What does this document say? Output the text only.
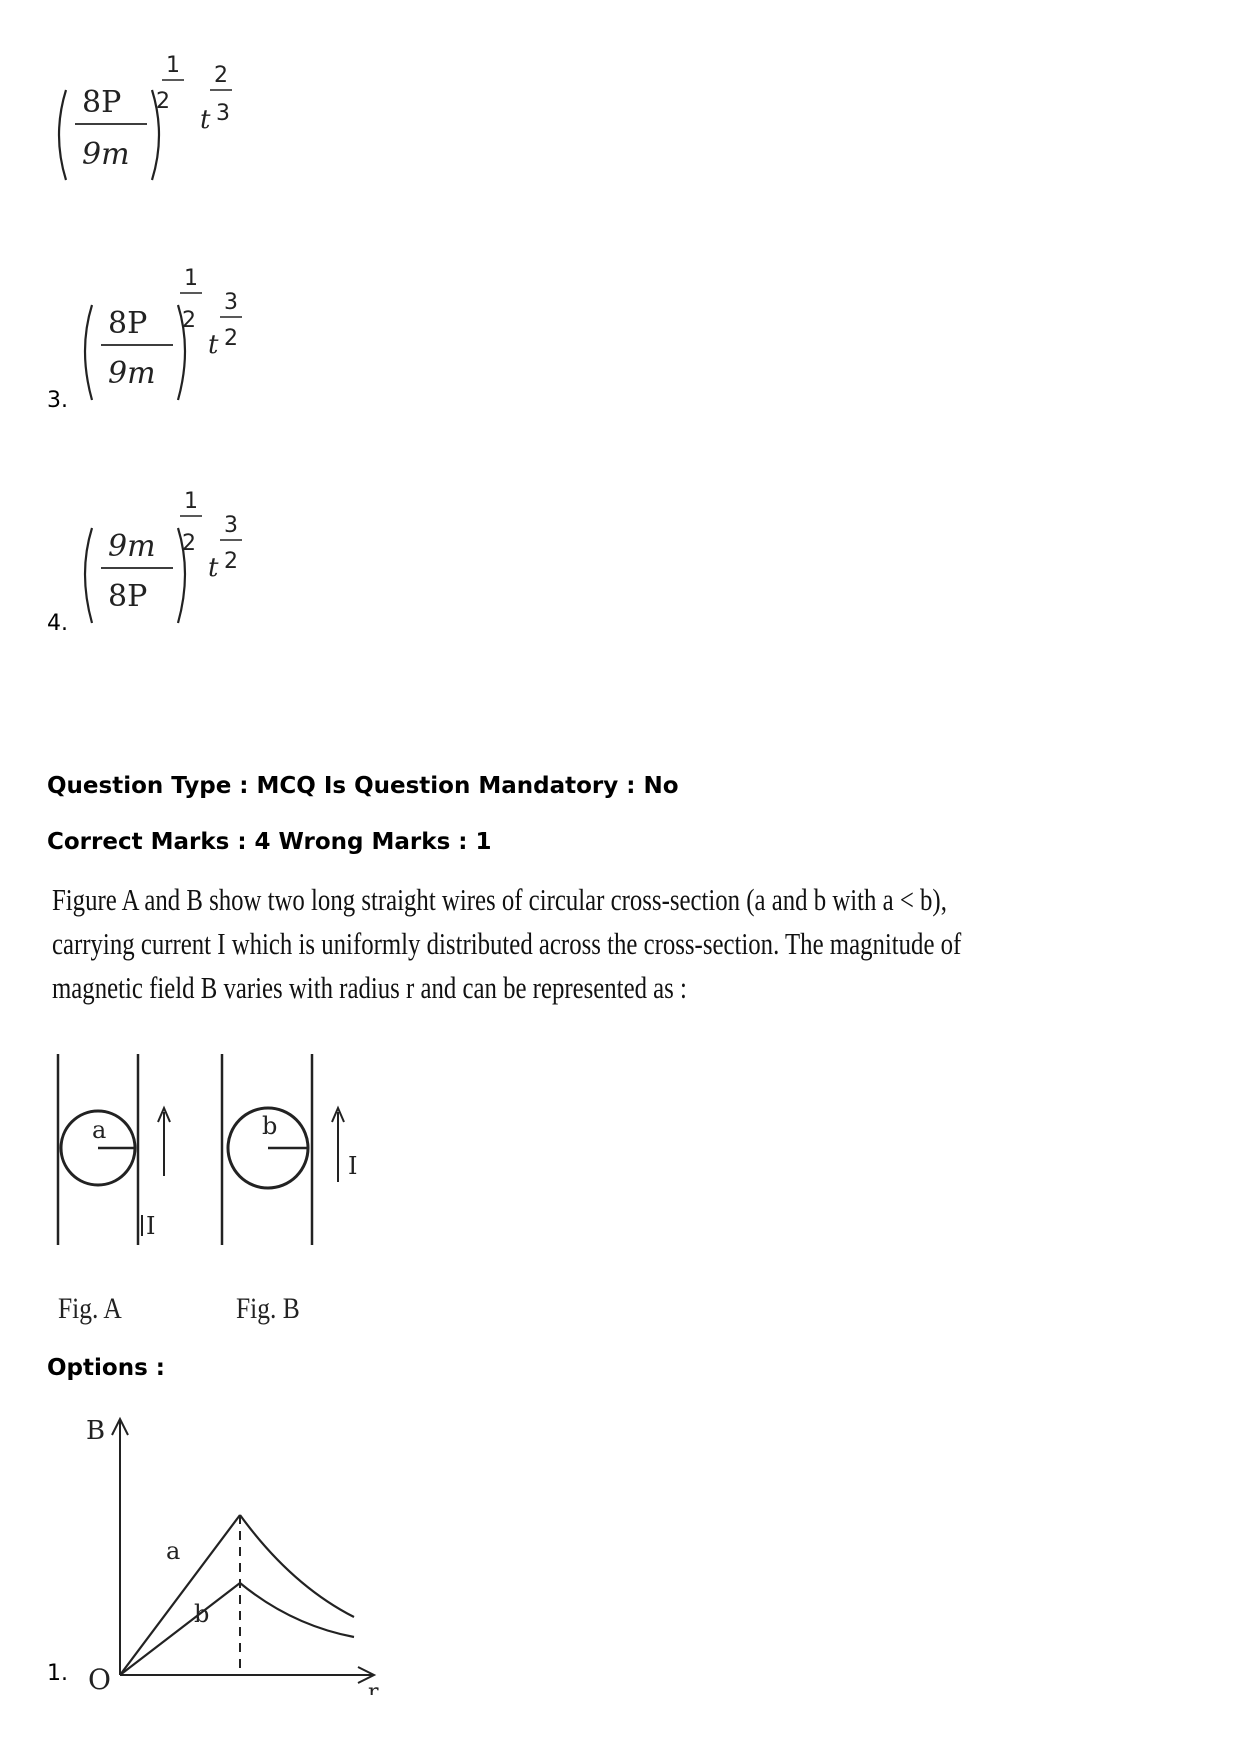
8P
9m
1
2
t
2
3
3.
8P
9m
1
2
t
3
2
4.
9m
8P
1
2
t
3
2
Question Type : MCQ Is Question Mandatory : No
Correct Marks : 4 Wrong Marks : 1
Figure A and B show two long straight wires of circular cross-section (a and b with a < b),
carrying current I which is uniformly distributed across the cross-section. The magnitude of
magnetic field B varies with radius r and can be represented as :
a
I
b
I
Fig. A	Fig. B
Options :
1.
B
r
O
a
b
